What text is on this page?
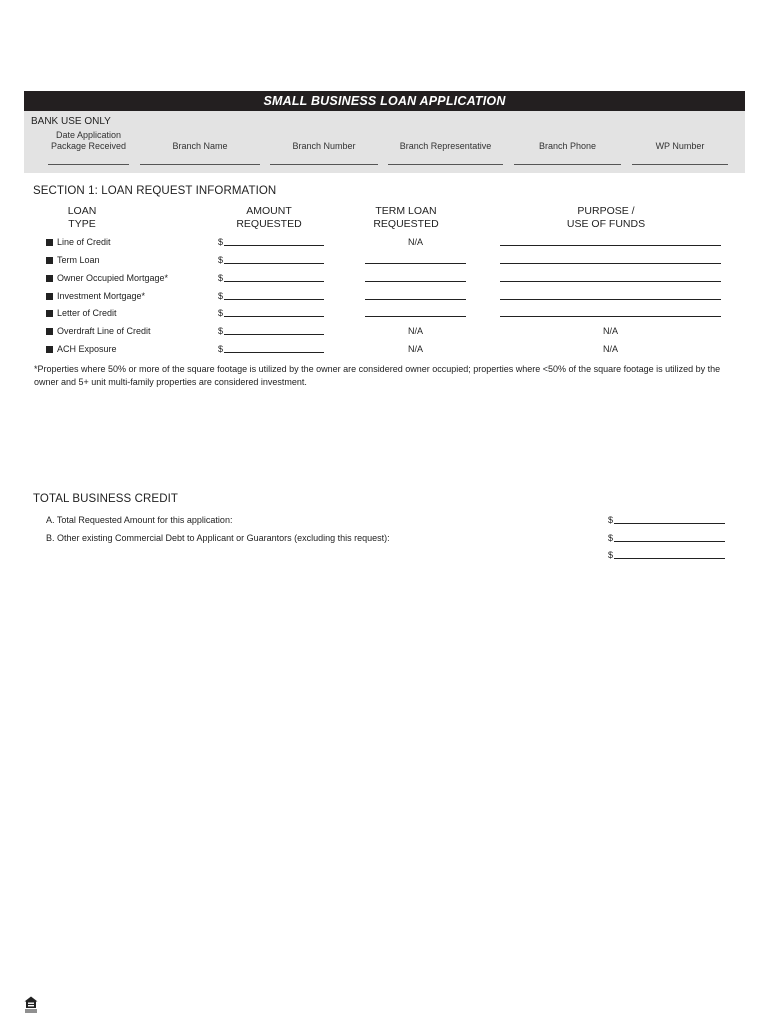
SMALL BUSINESS LOAN APPLICATION
BANK USE ONLY
Date Application
Package Received	Branch Name	Branch Number	Branch Representative	Branch Phone	WP Number
SECTION 1: LOAN REQUEST INFORMATION
LOAN
TYPE
AMOUNT
REQUESTED
TERM LOAN
REQUESTED
PURPOSE /
USE OF FUNDS
Line of Credit	$	N/A
Term Loan	$
Owner Occupied Mortgage*	$
Investment Mortgage*	$
Letter of Credit	$
Overdraft Line of Credit	$	N/A	N/A
ACH Exposure	$	N/A	N/A
*Properties where 50% or more of the square footage is utilized by the owner are considered owner occupied; properties where <50% of the square footage is utilized by the owner and 5+ unit multi-family properties are considered investment.
TOTAL BUSINESS CREDIT
A. Total Requested Amount for this application:	$
B. Other existing Commercial Debt to Applicant or Guarantors (excluding this request):	$
$
